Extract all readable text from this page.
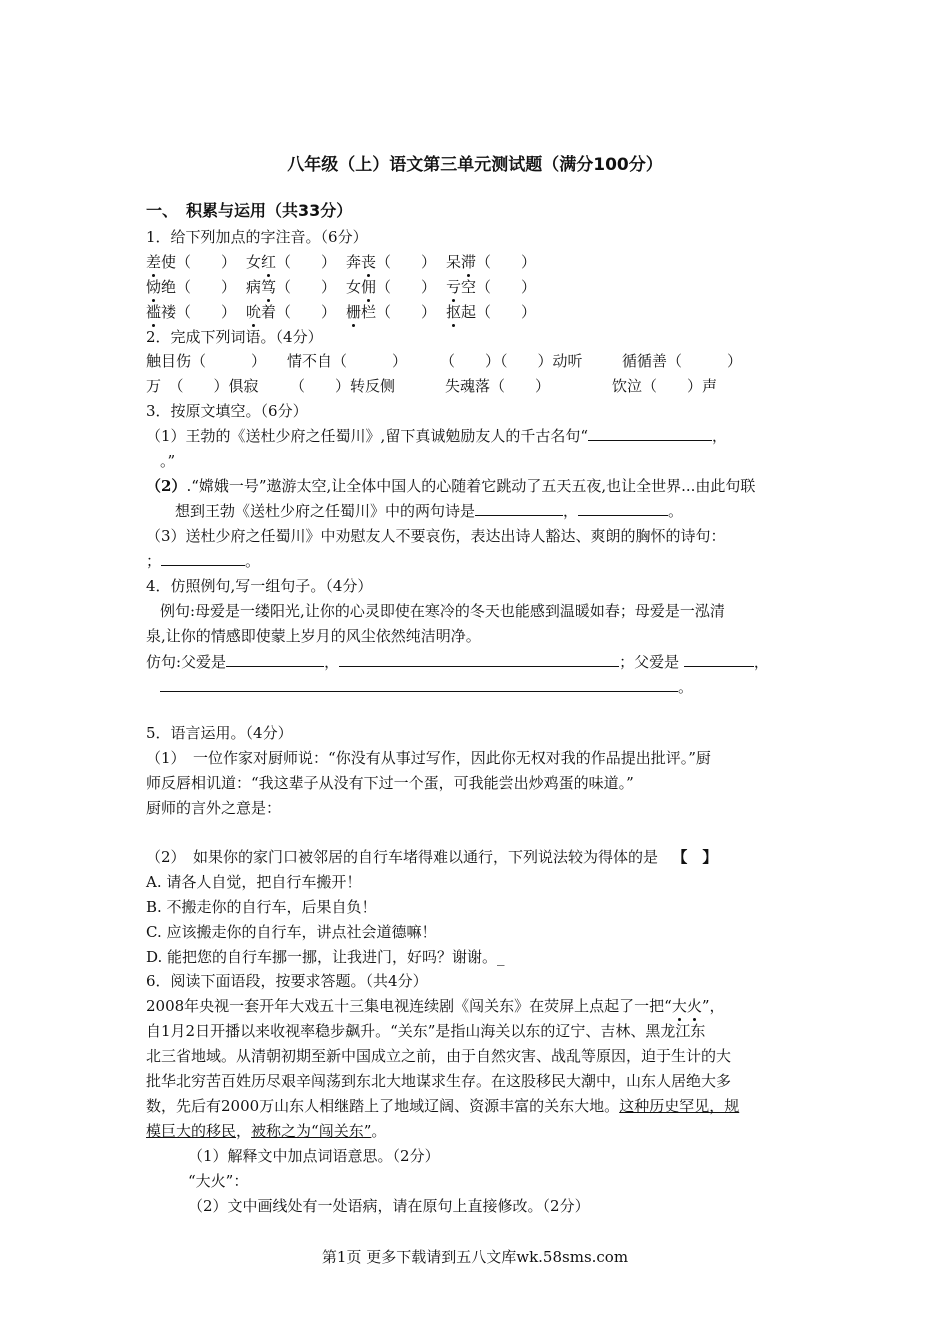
八年级（上）语文第三单元测试题（满分100分）
一、　积累与运用（共33分）
1．给下列加点的字注音。（6分）
差使（　　） 女红（　　） 奔丧（　　） 呆滞（　　）
恸绝（　　） 病笃（　　） 女佣（　　） 亏空（　　）
褴褛（　　） 吮着（　　） 栅栏（　　） 抠起（　　）
2．完成下列词语。（4分）
触目伤（　　　） 情不自（　　　） （　　）（　　）动听	循循善（　　　）
万　（　　）俱寂 （　　）转反侧	失魂落（　　）	饮泣（　　）声
3．按原文填空。（6分）
（1）王勃的《送杜少府之任蜀川》,留下真诚勉励友人的千古名句“	，
。”
（2）.“嫦娥一号”遨游太空,让全体中国人的心随着它跳动了五天五夜,也让全世界...由此句联
想到王勃《送杜少府之任蜀川》中的两句诗是	，	。
（3）送杜少府之任蜀川》中劝慰友人不要哀伤，表达出诗人豁达、爽朗的胸怀的诗句：
；	。
4．仿照例句,写一组句子。（4分）
例句:母爱是一缕阳光,让你的心灵即使在寒冷的冬天也能感到温暖如春；母爱是一泓清
泉,让你的情感即使蒙上岁月的风尘依然纯洁明净。
仿句:父爱是	，	；父爱是	，
。
5．语言运用。（4分）
（1）　一位作家对厨师说：“你没有从事过写作，因此你无权对我的作品提出批评。”厨
师反唇相讥道：“我这辈子从没有下过一个蛋，可我能尝出炒鸡蛋的味道。”
厨师的言外之意是：
（2）　如果你的家门口被邻居的自行车堵得难以通行，下列说法较为得体的是 【　】
A. 请各人自觉，把自行车搬开！
B. 不搬走你的自行车，后果自负！
C. 应该搬走你的自行车，讲点社会道德嘛！
D. 能把您的自行车挪一挪，让我进门，好吗？谢谢。_
6．阅读下面语段，按要求答题。（共4分）
2008年央视一套开年大戏五十三集电视连续剧《闯关东》在荧屏上点起了一把“大火”，
自1月2日开播以来收视率稳步飙升。“关东”是指山海关以东的辽宁、吉林、黑龙江东
北三省地域。从清朝初期至新中国成立之前，由于自然灾害、战乱等原因，迫于生计的大
批华北穷苦百姓历尽艰辛闯荡到东北大地谋求生存。在这股移民大潮中，山东人居绝大多
数，先后有2000万山东人相继踏上了地域辽阔、资源丰富的关东大地。这种历史罕见，规
模巨大的移民，被称之为“闯关东”。
（1）解释文中加点词语意思。（2分）
“大火”：
（2）文中画线处有一处语病，请在原句上直接修改。（2分）
第1页 更多下载请到五八文库wk.58sms.com
